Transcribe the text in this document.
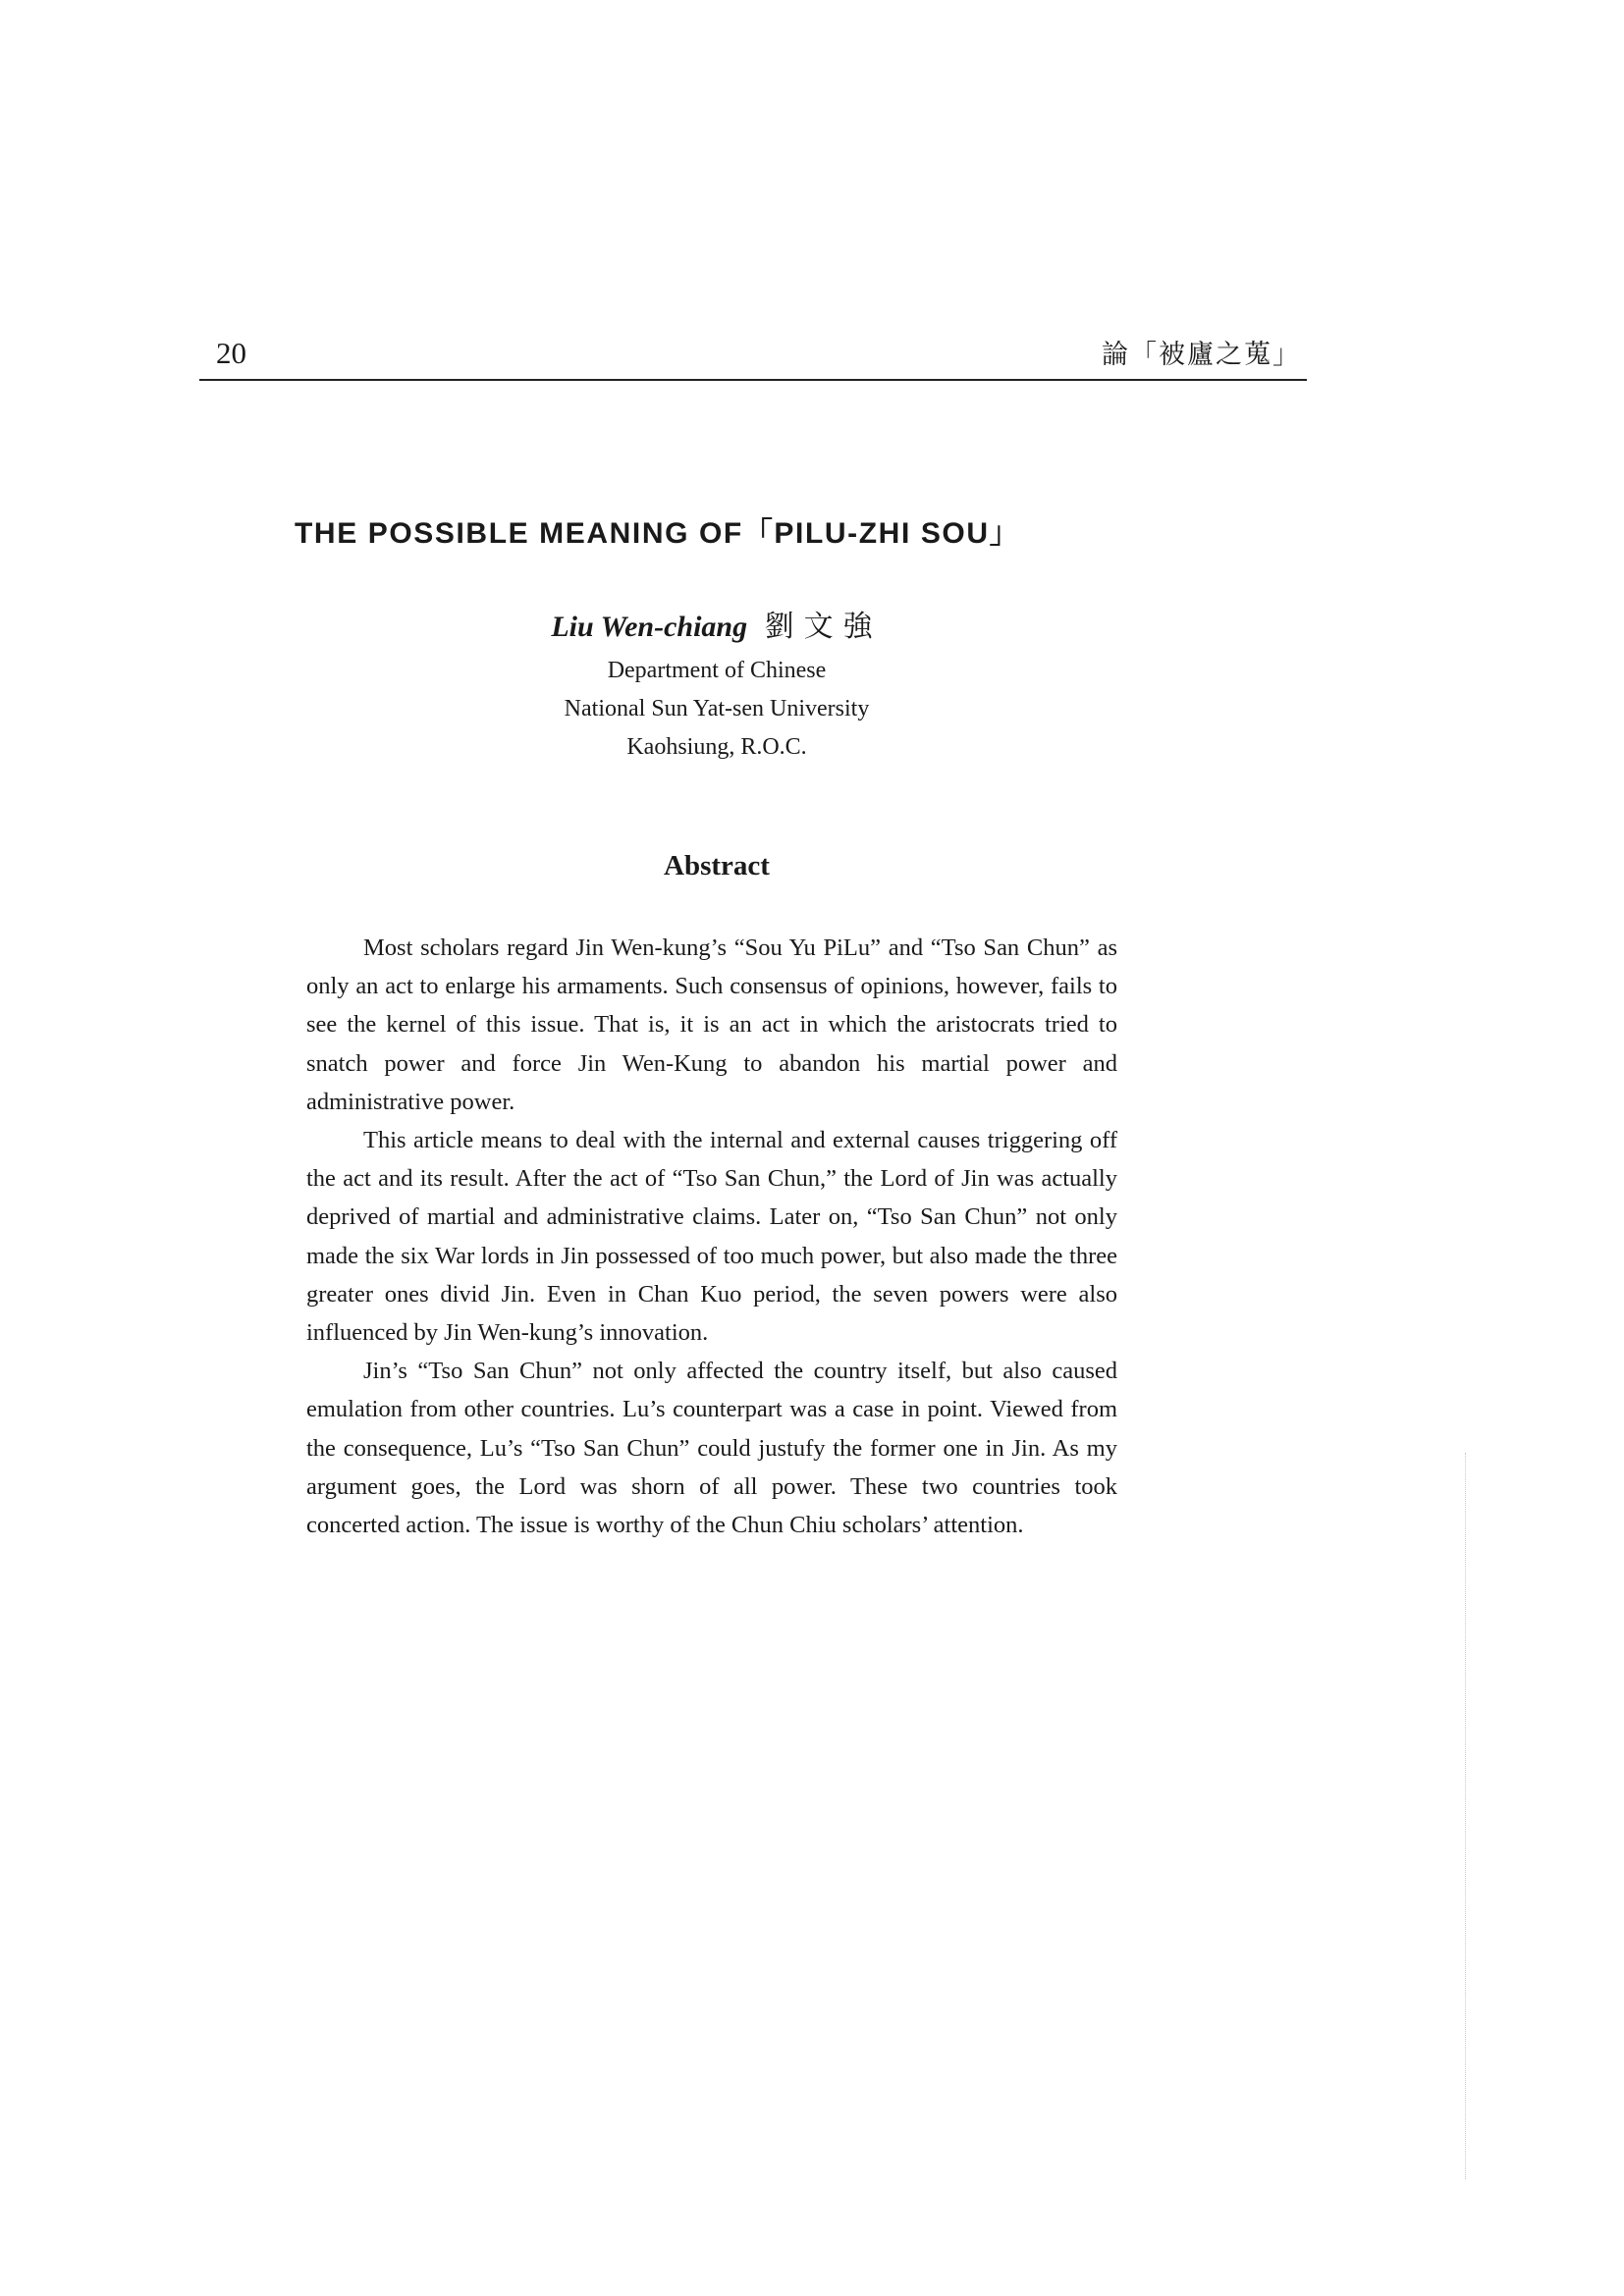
20	論「被廬之蒐」
THE POSSIBLE MEANING OF「PILU-ZHI SOU」
Liu Wen-chiang 劉文強
Department of Chinese
National Sun Yat-sen University
Kaohsiung, R.O.C.
Abstract

Most scholars regard Jin Wen-kung’s “Sou Yu PiLu” and “Tso San Chun” as only an act to enlarge his armaments. Such consensus of opinions, however, fails to see the kernel of this issue. That is, it is an act in which the aristocrats tried to snatch power and force Jin Wen-Kung to abandon his martial power and administrative power.

This article means to deal with the internal and external causes triggering off the act and its result. After the act of “Tso San Chun,” the Lord of Jin was actually deprived of martial and administrative claims. Later on, “Tso San Chun” not only made the six War lords in Jin possessed of too much power, but also made the three greater ones divid Jin. Even in Chan Kuo period, the seven powers were also influenced by Jin Wen-kung’s innovation.

Jin’s “Tso San Chun” not only affected the country itself, but also caused emulation from other countries. Lu’s counterpart was a case in point. Viewed from the consequence, Lu’s “Tso San Chun” could justufy the former one in Jin. As my argument goes, the Lord was shorn of all power. These two countries took concerted action. The issue is worthy of the Chun Chiu scholars’ attention.
